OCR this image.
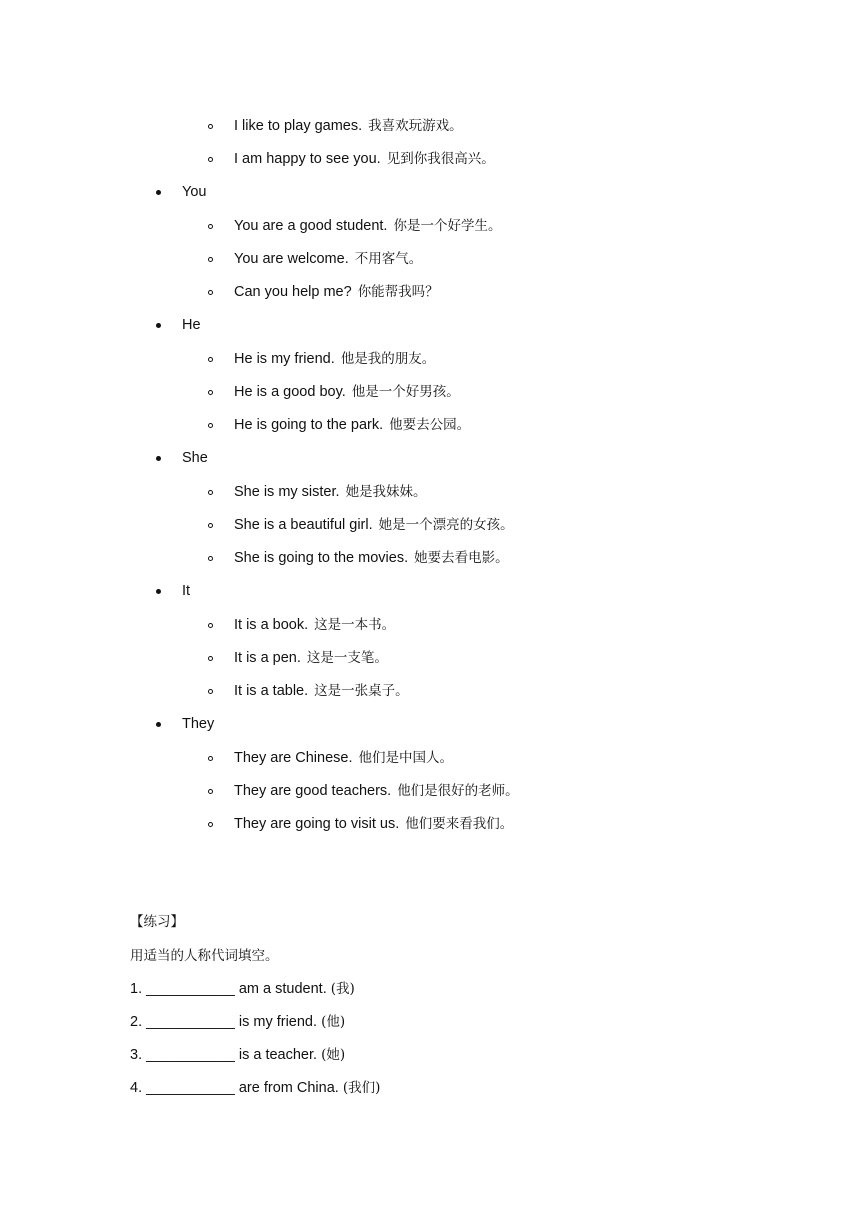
I like to play games. 我喜欢玩游戏。
I am happy to see you. 见到你我很高兴。
You
You are a good student. 你是一个好学生。
You are welcome. 不用客气。
Can you help me? 你能帮我吗？
He
He is my friend. 他是我的朋友。
He is a good boy. 他是一个好男孩。
He is going to the park. 他要去公园。
She
She is my sister. 她是我妹妹。
She is a beautiful girl. 她是一个漂亮的女孩。
She is going to the movies. 她要去看电影。
It
It is a book. 这是一本书。
It is a pen. 这是一支笔。
It is a table. 这是一张桌子。
They
They are Chinese. 他们是中国人。
They are good teachers. 他们是很好的老师。
They are going to visit us. 他们要来看我们。
【练习】
用适当的人称代词填空。
1. ___________ am a student. (我)
2. ___________ is my friend. (他)
3. ___________ is a teacher. (她)
4. ___________ are from China. (我们)
